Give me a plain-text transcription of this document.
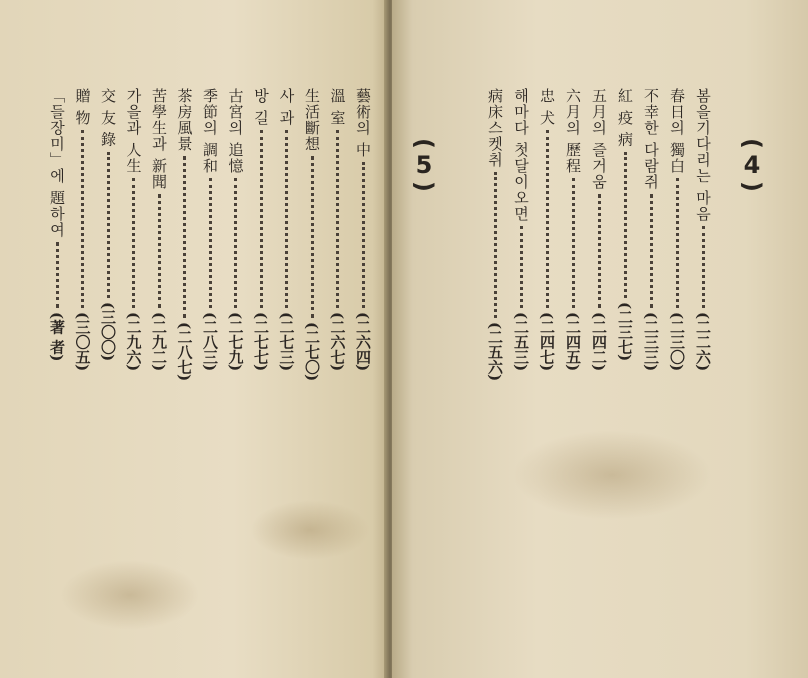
藝術의 中(二六四)
溫 室(二六七)
生活斷想(二七〇)
사 과(二七三)
방 길(二七七)
古宮의 追憶(二七九)
季節의 調和(二八三)
茶房風景(二八七)
苦學生과 新聞(二九二)
가을과 人生(二九六)
交 友 錄(三〇〇)
贈 物(三〇五)
「들장미」에 題하여(著 者)
봄을기다리는 마음(二二六)
春日의 獨白(二三〇)
不幸한 다람쥐(二三三)
紅 疫 病(二三七)
五月의 즐거움(二四二)
六月의 歷程(二四五)
忠 犬(二四七)
해마다 첫달이오면(二五三)
病床스켓취(二五六)
(5)
(4)
